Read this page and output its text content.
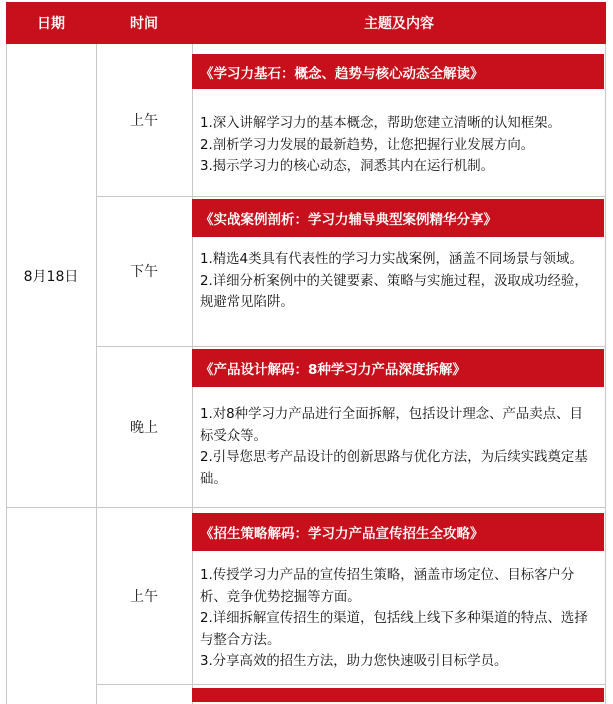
日期	时间	主题及内容
8月18日
上午
《学习力基石：概念、趋势与核心动态全解读》

1.深入讲解学习力的基本概念，帮助您建立清晰的认知框架。

2.剖析学习力发展的最新趋势，让您把握行业发展方向。

3.揭示学习力的核心动态，洞悉其内在运行机制。

下午
《实战案例剖析：学习力辅导典型案例精华分享》

1.精选4类具有代表性的学习力实战案例，涵盖不同场景与领域。

2.详细分析案例中的关键要素、策略与实施过程，汲取成功经验，规避常见陷阱。

晚上
《产品设计解码：8种学习力产品深度拆解》

1.对8种学习力产品进行全面拆解，包括设计理念、产品卖点、目标受众等。

2.引导您思考产品设计的创新思路与优化方法，为后续实践奠定基础。

上午
《招生策略解码：学习力产品宣传招生全攻略》

1.传授学习力产品的宣传招生策略，涵盖市场定位、目标客户分析、竞争优势挖掘等方面。

2.详细拆解宣传招生的渠道，包括线上线下多种渠道的特点、选择与整合方法。

3.分享高效的招生方法，助力您快速吸引目标学员。
